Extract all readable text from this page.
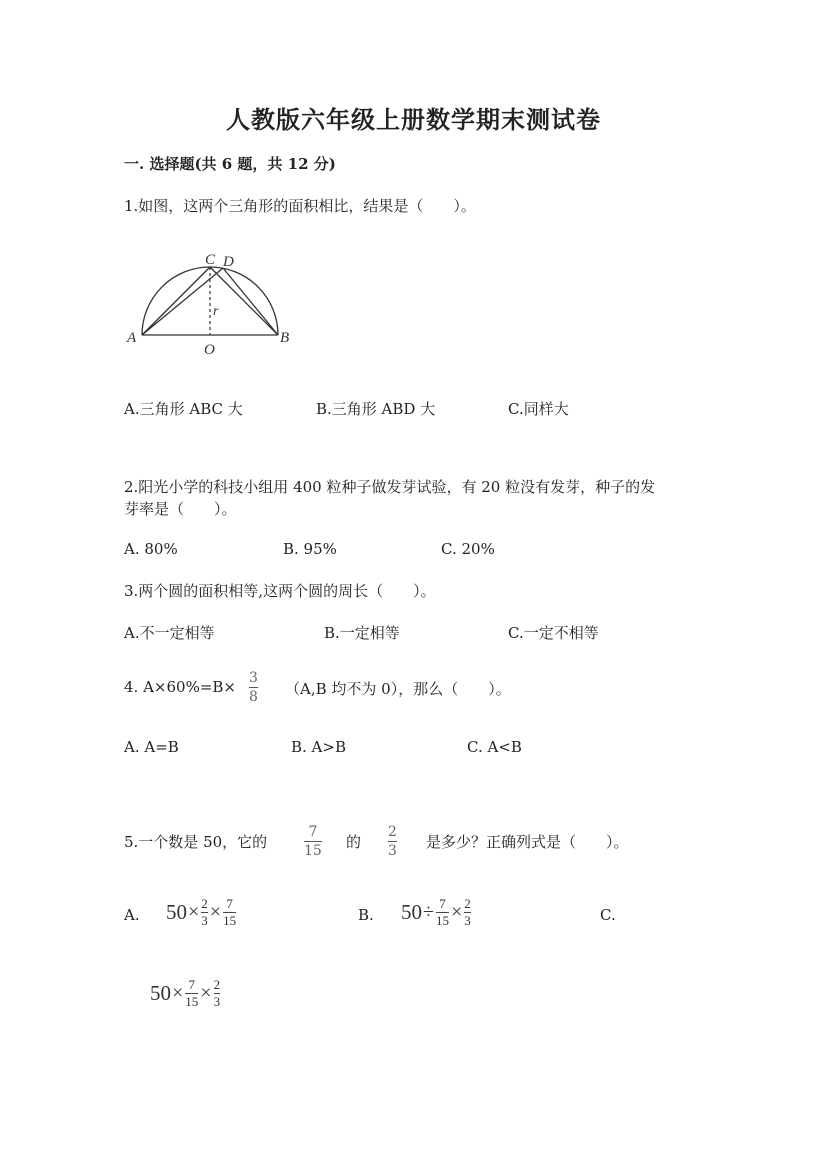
人教版六年级上册数学期末测试卷
一. 选择题(共 6 题，共 12 分)
1.如图，这两个三角形的面积相比，结果是（　　）。
C D
A	B
O
r
A.三角形 ABC 大	B.三角形 ABD 大	C.同样大
2.阳光小学的科技小组用 400 粒种子做发芽试验，有 20 粒没有发芽，种子的发
芽率是（　　）。
A. 80%	B. 95%	C. 20%
3.两个圆的面积相等,这两个圆的周长（　　）。
A.不一定相等	B.一定相等	C.一定不相等
4. A×60%=B× 3
8 （A,B 均不为 0），那么（　　）。
A. A=B	B. A>B	C. A<B
5.一个数是 50，它的
7
15
的
2
3
是多少？正确列式是（　　）。
A. 50 × 2
3 × 7
15	B. 50 ÷ 7
15 × 2
3	C.
50 × 7
15 × 2
3
